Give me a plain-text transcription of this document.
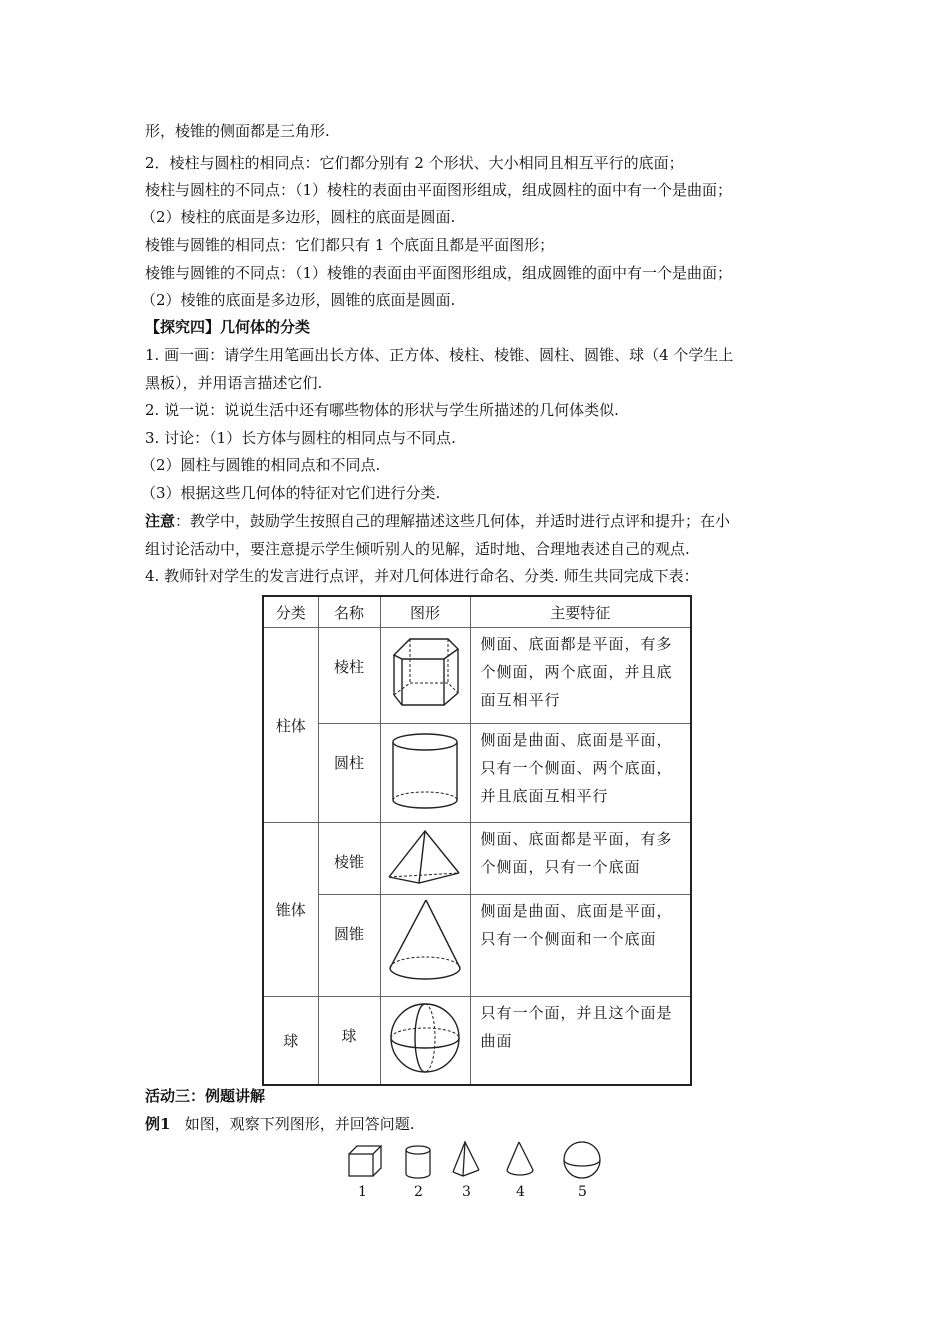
形，棱锥的侧面都是三角形.
2．棱柱与圆柱的相同点：它们都分别有 2 个形状、大小相同且相互平行的底面；
棱柱与圆柱的不同点：（1）棱柱的表面由平面图形组成，组成圆柱的面中有一个是曲面；
（2）棱柱的底面是多边形，圆柱的底面是圆面.
棱锥与圆锥的相同点：它们都只有 1 个底面且都是平面图形；
棱锥与圆锥的不同点：（1）棱锥的表面由平面图形组成，组成圆锥的面中有一个是曲面；
（2）棱锥的底面是多边形，圆锥的底面是圆面.
【探究四】几何体的分类
1. 画一画：请学生用笔画出长方体、正方体、棱柱、棱锥、圆柱、圆锥、球（4 个学生上
黑板），并用语言描述它们.
2. 说一说：说说生活中还有哪些物体的形状与学生所描述的几何体类似.
3. 讨论：（1）长方体与圆柱的相同点与不同点.
（2）圆柱与圆锥的相同点和不同点.
（3）根据这些几何体的特征对它们进行分类.
注意：教学中，鼓励学生按照自己的理解描述这些几何体，并适时进行点评和提升；在小
组讨论活动中，要注意提示学生倾听别人的见解，适时地、合理地表述自己的观点.
4. 教师针对学生的发言进行点评，并对几何体进行命名、分类. 师生共同完成下表：
分类	名称	图形	主要特征
柱体	棱柱		侧面、底面都是平面，有多个侧面，两个底面，并且底面互相平行
	圆柱		侧面是曲面、底面是平面，只有一个侧面、两个底面，并且底面互相平行
锥体	棱锥		侧面、底面都是平面，有多个侧面，只有一个底面
	圆锥		侧面是曲面、底面是平面，只有一个侧面和一个底面
球	球		只有一个面，并且这个面是曲面
活动三：例题讲解
例1 如图，观察下列图形，并回答问题.
1	2	3	4	5
